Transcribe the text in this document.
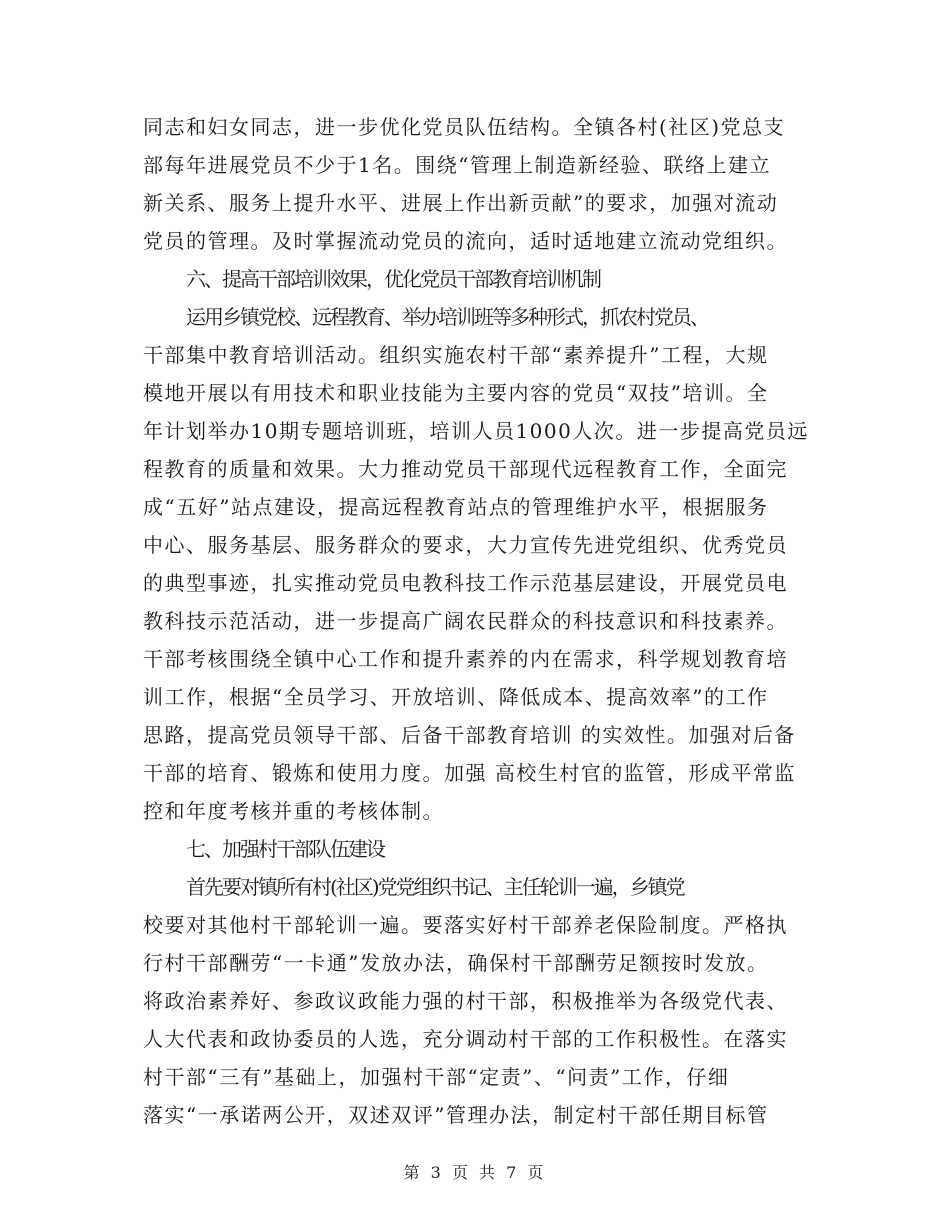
同志和妇女同志，进一步优化党员队伍结构。全镇各村(社区)党总支
部每年进展党员不少于1名。围绕“管理上制造新经验、联络上建立
新关系、服务上提升水平、进展上作出新贡献”的要求，加强对流动
党员的管理。及时掌握流动党员的流向，适时适地建立流动党组织。
六、提高干部培训效果，优化党员干部教育培训机制
运用乡镇党校、远程教育、举办培训班等多种形式，抓农村党员、
干部集中教育培训活动。组织实施农村干部“素养提升”工程，大规
模地开展以有用技术和职业技能为主要内容的党员“双技”培训。全
年计划举办10期专题培训班，培训人员1000人次。进一步提高党员远
程教育的质量和效果。大力推动党员干部现代远程教育工作，全面完
成“五好”站点建设，提高远程教育站点的管理维护水平，根据服务
中心、服务基层、服务群众的要求，大力宣传先进党组织、优秀党员
的典型事迹，扎实推动党员电教科技工作示范基层建设，开展党员电
教科技示范活动，进一步提高广阔农民群众的科技意识和科技素养。
干部考核围绕全镇中心工作和提升素养的内在需求，科学规划教育培
训工作，根据“全员学习、开放培训、降低成本、提高效率”的工作
思路，提高党员领导干部、后备干部教育培训 的实效性。加强对后备
干部的培育、锻炼和使用力度。加强 高校生村官的监管，形成平常监
控和年度考核并重的考核体制。
七、加强村干部队伍建设
首先要对镇所有村(社区)党党组织书记、主任轮训一遍，乡镇党
校要对其他村干部轮训一遍。要落实好村干部养老保险制度。严格执
行村干部酬劳“一卡通”发放办法，确保村干部酬劳足额按时发放。
将政治素养好、参政议政能力强的村干部，积极推举为各级党代表、
人大代表和政协委员的人选，充分调动村干部的工作积极性。在落实
村干部“三有”基础上，加强村干部“定责”、“问责”工作，仔细
落实“一承诺两公开，双述双评”管理办法，制定村干部任期目标管
第 3 页 共 7 页
